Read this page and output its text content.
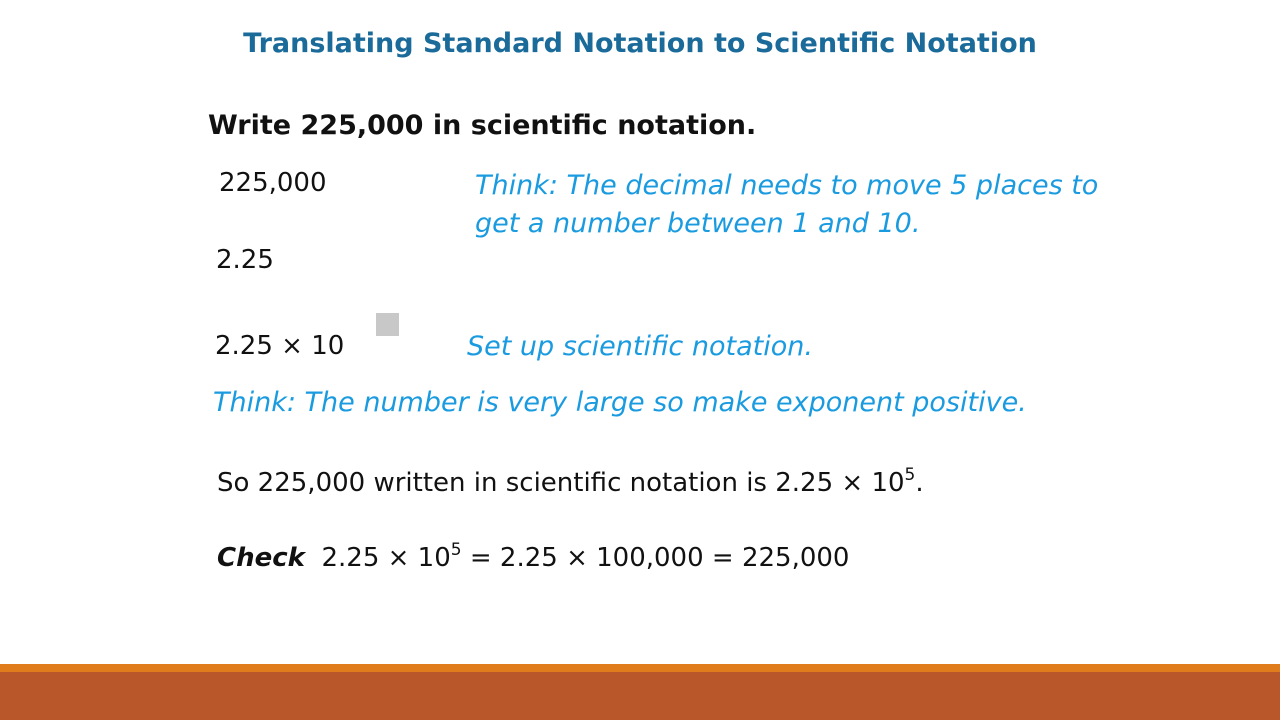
Translating Standard Notation to Scientific Notation
Write 225,000 in scientific notation.
225,000	Think: The decimal needs to move 5 places to get a number between 1 and 10.
2.25
2.25 × 10	Set up scientific notation.
Think: The number is very large so make exponent positive.
So 225,000 written in scientific notation is $2.25 \times 10^5$.
Check $2.25 \times 10^5 = 2.25 \times 100,000 = 225,000$
